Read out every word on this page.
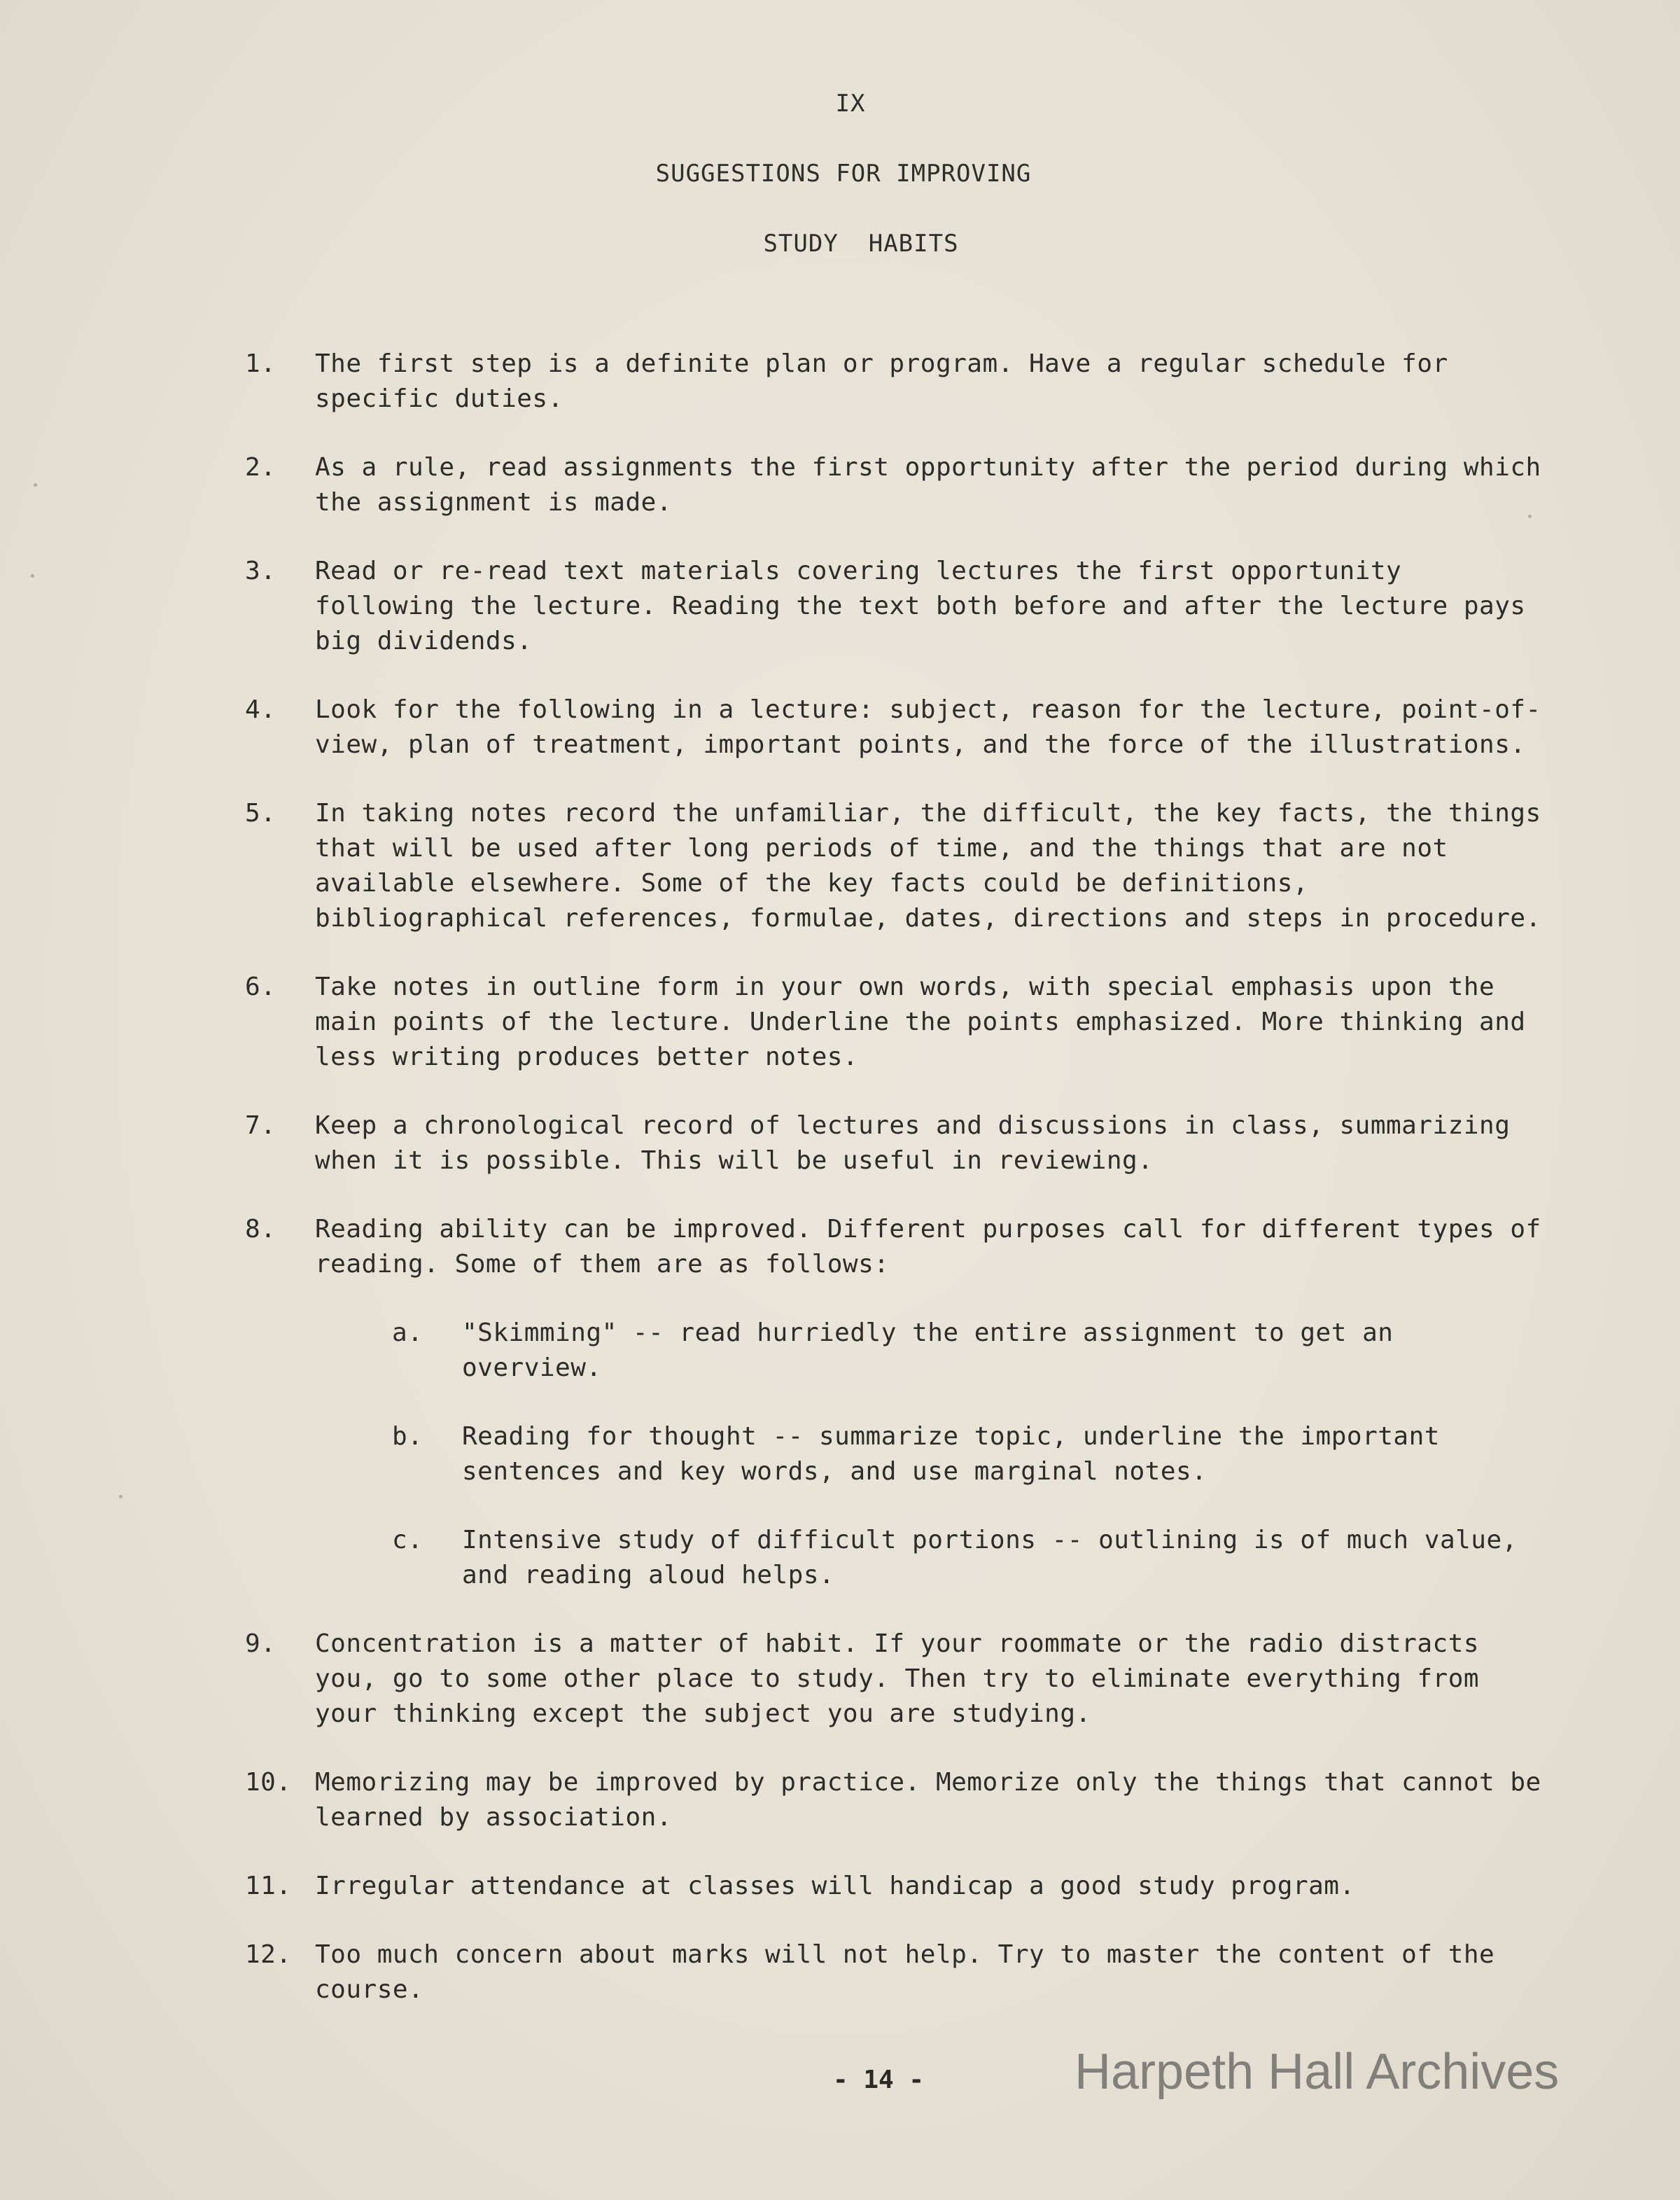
IX
SUGGESTIONS FOR IMPROVING
STUDY  HABITS
1. The first step is a definite plan or program. Have a regular schedule for specific duties.
2. As a rule, read assignments the first opportunity after the period during which the assignment is made.
3. Read or re-read text materials covering lectures the first opportunity following the lecture. Reading the text both before and after the lecture pays big dividends.
4. Look for the following in a lecture: subject, reason for the lecture, point-of-view, plan of treatment, important points, and the force of the illustrations.
5. In taking notes record the unfamiliar, the difficult, the key facts, the things that will be used after long periods of time, and the things that are not available elsewhere. Some of the key facts could be definitions, bibliographical references, formulae, dates, directions and steps in procedure.
6. Take notes in outline form in your own words, with special emphasis upon the main points of the lecture. Underline the points emphasized. More thinking and less writing produces better notes.
7. Keep a chronological record of lectures and discussions in class, summarizing when it is possible. This will be useful in reviewing.
8. Reading ability can be improved. Different purposes call for different types of reading. Some of them are as follows:
a. "Skimming" -- read hurriedly the entire assignment to get an overview.
b. Reading for thought -- summarize topic, underline the important sentences and key words, and use marginal notes.
c. Intensive study of difficult portions -- outlining is of much value, and reading aloud helps.
9. Concentration is a matter of habit. If your roommate or the radio distracts you, go to some other place to study. Then try to eliminate everything from your thinking except the subject you are studying.
10. Memorizing may be improved by practice. Memorize only the things that cannot be learned by association.
11. Irregular attendance at classes will handicap a good study program.
12. Too much concern about marks will not help. Try to master the content of the course.
- 14 -	Harpeth Hall Archives
